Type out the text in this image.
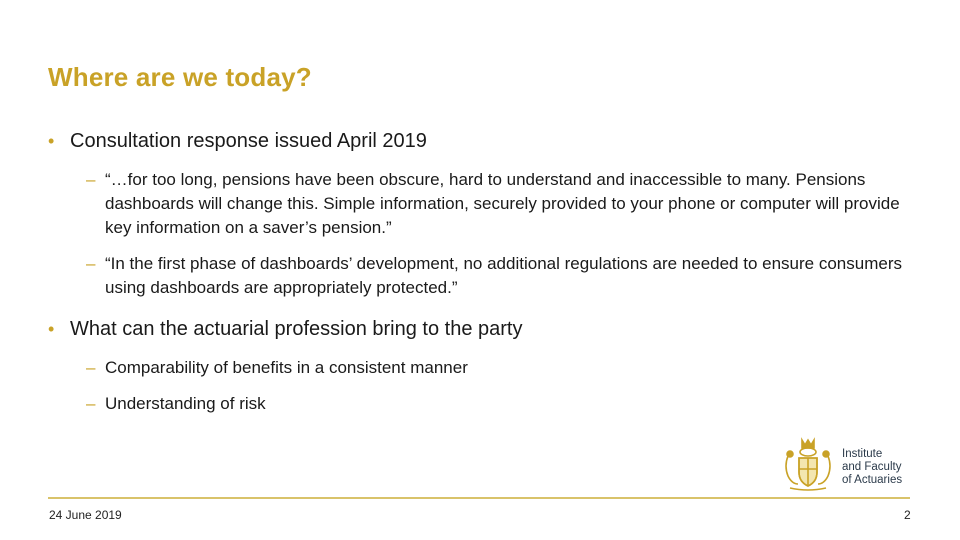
Where are we today?
• Consultation response issued April 2019
– “…for too long, pensions have been obscure, hard to understand and inaccessible to many. Pensions dashboards will change this. Simple information, securely provided to your phone or computer will provide key information on a saver’s pension.”
– “In the first phase of dashboards’ development, no additional regulations are needed to ensure consumers using dashboards are appropriately protected.”
• What can the actuarial profession bring to the party
– Comparability of benefits in a consistent manner
– Understanding of risk
Institute
and Faculty
of Actuaries
24 June 2019	2
